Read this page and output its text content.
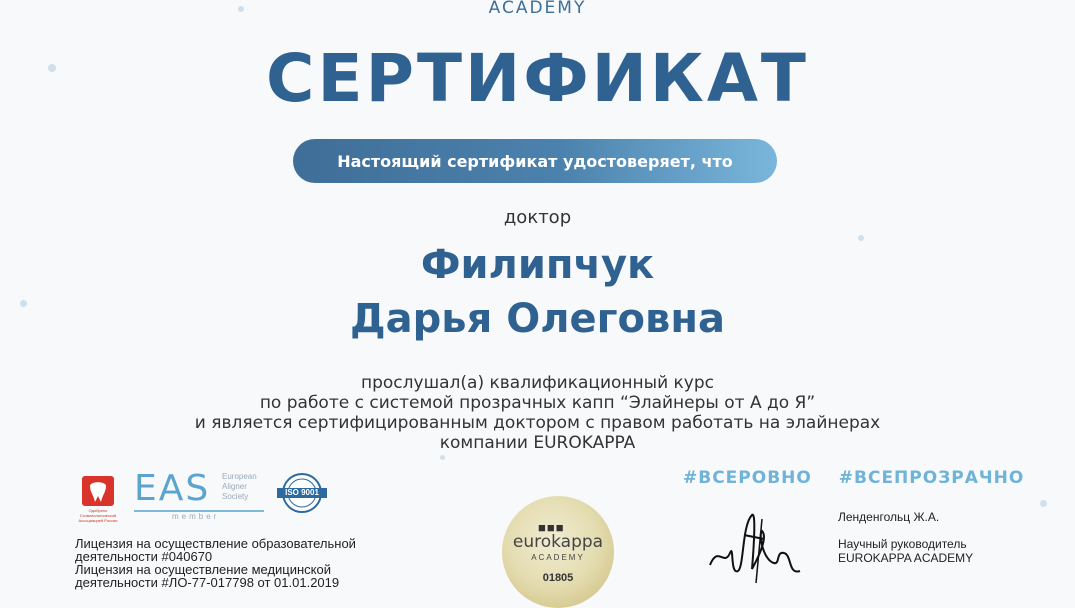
ACADEMY
СЕРТИФИКАТ
Настоящий сертификат удостоверяет, что
доктор
Филипчук
Дарья Олеговна
прослушал(а) квалификационный курс
по работе с системой прозрачных капп “Элайнеры от А до Я”
и является сертифицированным доктором с правом работать на элайнерах
компании EUROKAPPA
#ВСЕРОВНО #ВСЕПРОЗРАЧНО
Одобрено Стоматологической Ассоциацией России
EAS European
Aligner
Society
member
ISO 9001
Лицензия на осуществление образовательной
деятельности #040670
Лицензия на осуществление медицинской
деятельности #ЛО-77-017798 от 01.01.2019
■■■
eurokappa
ACADEMY
01805
Ленденгольц Ж.А.
Научный руководитель
EUROKAPPA ACADEMY
